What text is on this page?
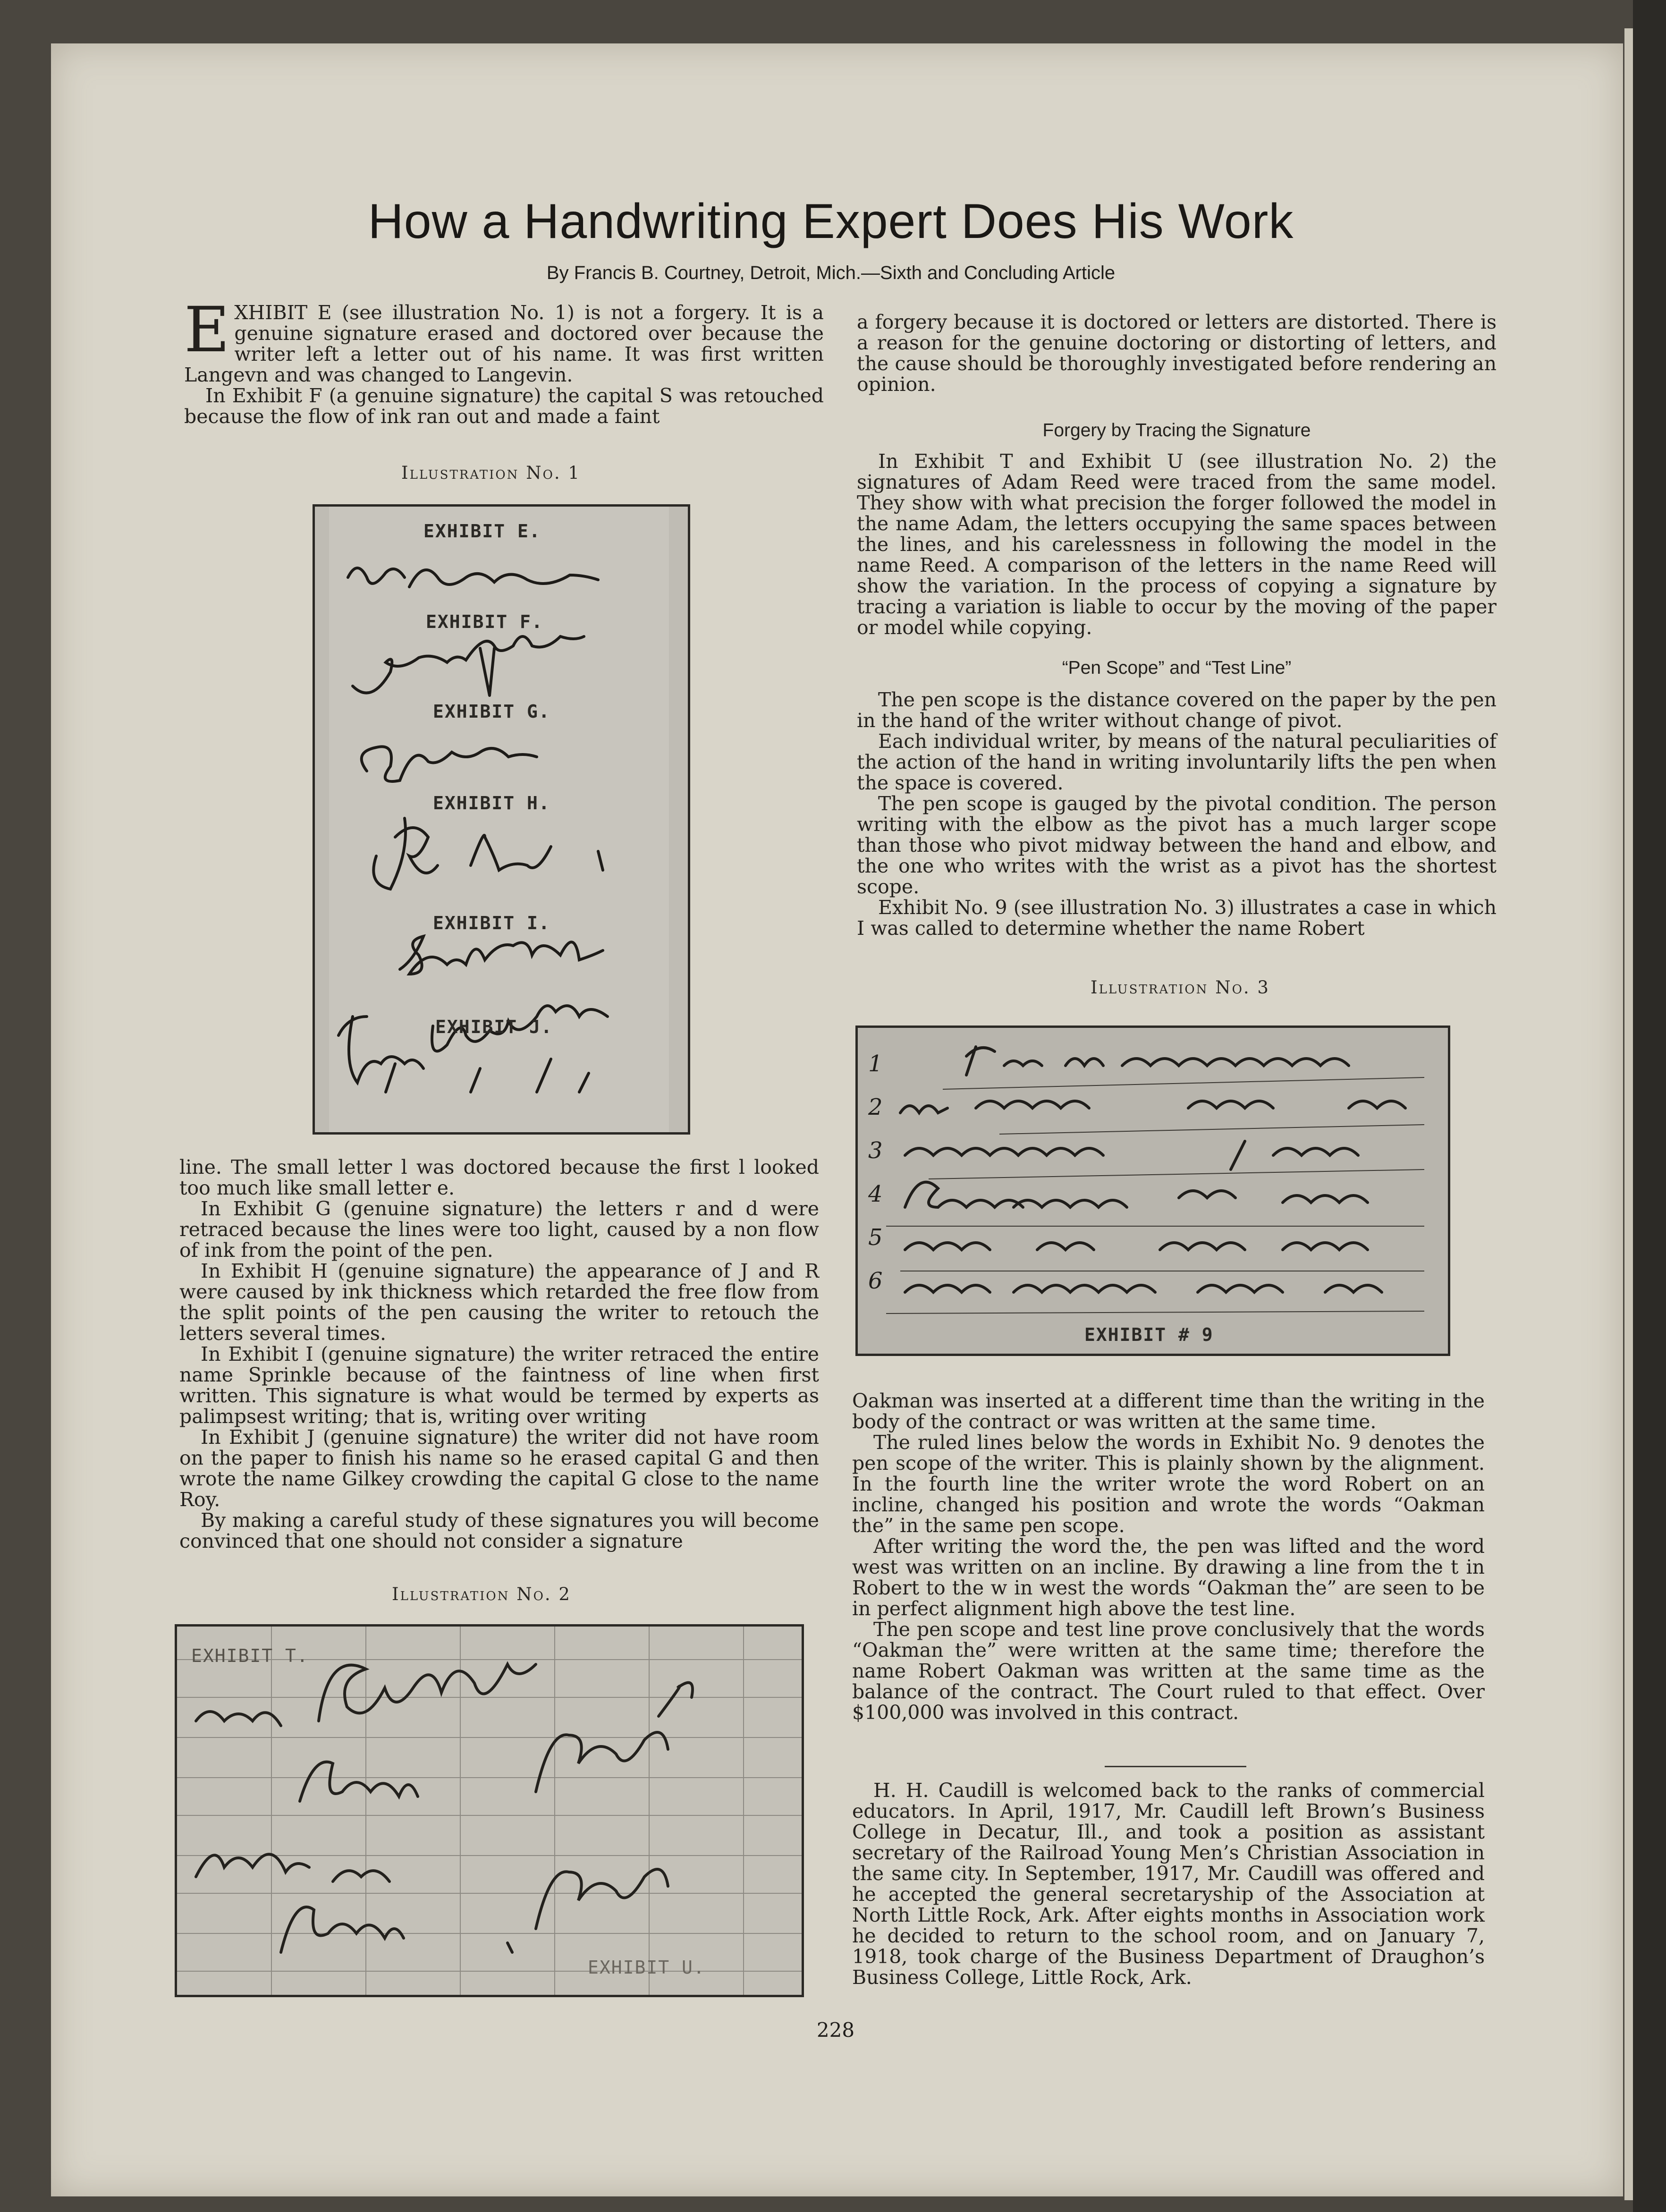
How a Handwriting Expert Does His Work

By Francis B. Courtney, Detroit, Mich.—Sixth and Concluding Article

EXHIBIT E (see illustration No. 1) is not a forgery. It is a genuine signature erased and doctored over because the writer left a letter out of his name. It was first written Langevn and was changed to Langevin.

In Exhibit F (a genuine signature) the capital S was retouched because the flow of ink ran out and made a faint

Illustration No. 1

EXHIBIT E.
EXHIBIT F.
EXHIBIT G.
EXHIBIT H.
EXHIBIT I.
EXHIBIT J.

line. The small letter l was doctored because the first l looked too much like small letter e.

In Exhibit G (genuine signature) the letters r and d were retraced because the lines were too light, caused by a non flow of ink from the point of the pen.

In Exhibit H (genuine signature) the appearance of J and R were caused by ink thickness which retarded the free flow from the split points of the pen causing the writer to retouch the letters several times.

In Exhibit I (genuine signature) the writer retraced the entire name Sprinkle because of the faintness of line when first written. This signature is what would be termed by experts as palimpsest writing; that is, writing over writing

In Exhibit J (genuine signature) the writer did not have room on the paper to finish his name so he erased capital G and then wrote the name Gilkey crowding the capital G close to the name Roy.

By making a careful study of these signatures you will become convinced that one should not consider a signature

Illustration No. 2

EXHIBIT T.
EXHIBIT U.

a forgery because it is doctored or letters are distorted. There is a reason for the genuine doctoring or distorting of letters, and the cause should be thoroughly investigated before rendering an opinion.

Forgery by Tracing the Signature

In Exhibit T and Exhibit U (see illustration No. 2) the signatures of Adam Reed were traced from the same model. They show with what precision the forger followed the model in the name Adam, the letters occupying the same spaces between the lines, and his carelessness in following the model in the name Reed. A comparison of the letters in the name Reed will show the variation. In the process of copying a signature by tracing a variation is liable to occur by the moving of the paper or model while copying.

“Pen Scope” and “Test Line”

The pen scope is the distance covered on the paper by the pen in the hand of the writer without change of pivot.

Each individual writer, by means of the natural peculiarities of the action of the hand in writing involuntarily lifts the pen when the space is covered.

The pen scope is gauged by the pivotal condition. The person writing with the elbow as the pivot has a much larger scope than those who pivot midway between the hand and elbow, and the one who writes with the wrist as a pivot has the shortest scope.

Exhibit No. 9 (see illustration No. 3) illustrates a case in which I was called to determine whether the name Robert

Illustration No. 3

1
2
3
4
5
6
EXHIBIT # 9

Oakman was inserted at a different time than the writing in the body of the contract or was written at the same time.

The ruled lines below the words in Exhibit No. 9 denotes the pen scope of the writer. This is plainly shown by the alignment. In the fourth line the writer wrote the word Robert on an incline, changed his position and wrote the words “Oakman the” in the same pen scope.

After writing the word the, the pen was lifted and the word west was written on an incline. By drawing a line from the t in Robert to the w in west the words “Oakman the” are seen to be in perfect alignment high above the test line.

The pen scope and test line prove conclusively that the words “Oakman the” were written at the same time; therefore the name Robert Oakman was written at the same time as the balance of the contract. The Court ruled to that effect. Over $100,000 was involved in this contract.

H. H. Caudill is welcomed back to the ranks of commercial educators. In April, 1917, Mr. Caudill left Brown’s Business College in Decatur, Ill., and took a position as assistant secretary of the Railroad Young Men’s Christian Association in the same city. In September, 1917, Mr. Caudill was offered and he accepted the general secretaryship of the Association at North Little Rock, Ark. After eights months in Association work he decided to return to the school room, and on January 7, 1918, took charge of the Business Department of Draughon’s Business College, Little Rock, Ark.

228
